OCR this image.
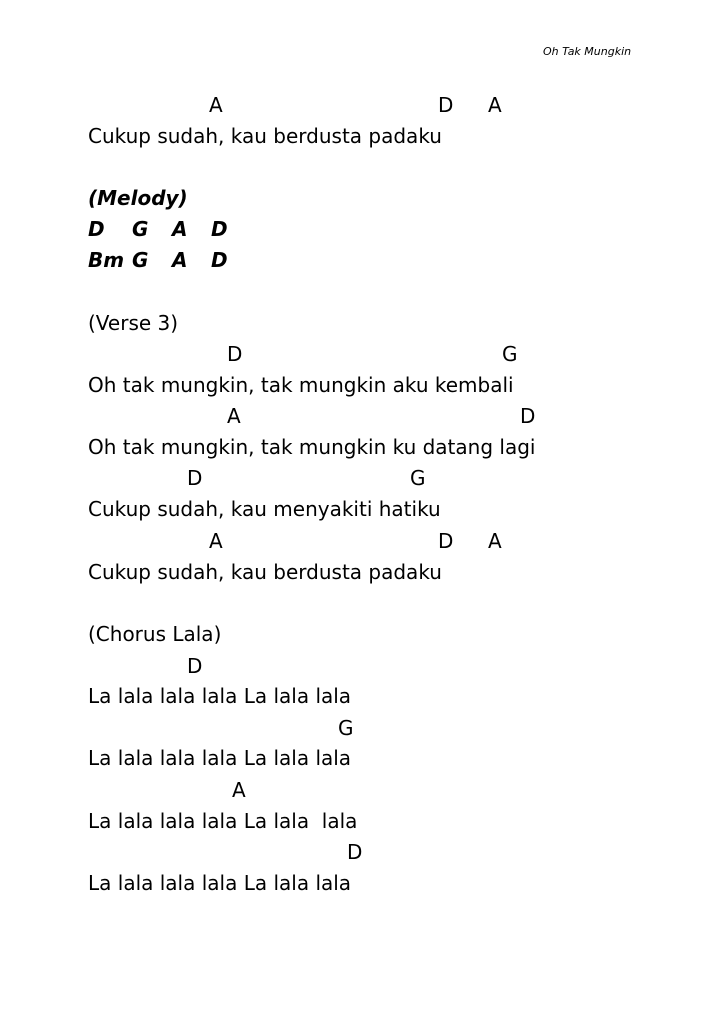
Oh Tak Mungkin
A	D A
Cukup sudah, kau berdusta padaku
(Melody)
D G A D
Bm G A D
(Verse 3)
D	G
Oh tak mungkin, tak mungkin aku kembali
A	D
Oh tak mungkin, tak mungkin ku datang lagi
D	G
Cukup sudah, kau menyakiti hatiku
A	D A
Cukup sudah, kau berdusta padaku
(Chorus Lala)
D
La lala lala lala La lala lala
G
La lala lala lala La lala lala
A
La lala lala lala La lala  lala
D
La lala lala lala La lala lala
